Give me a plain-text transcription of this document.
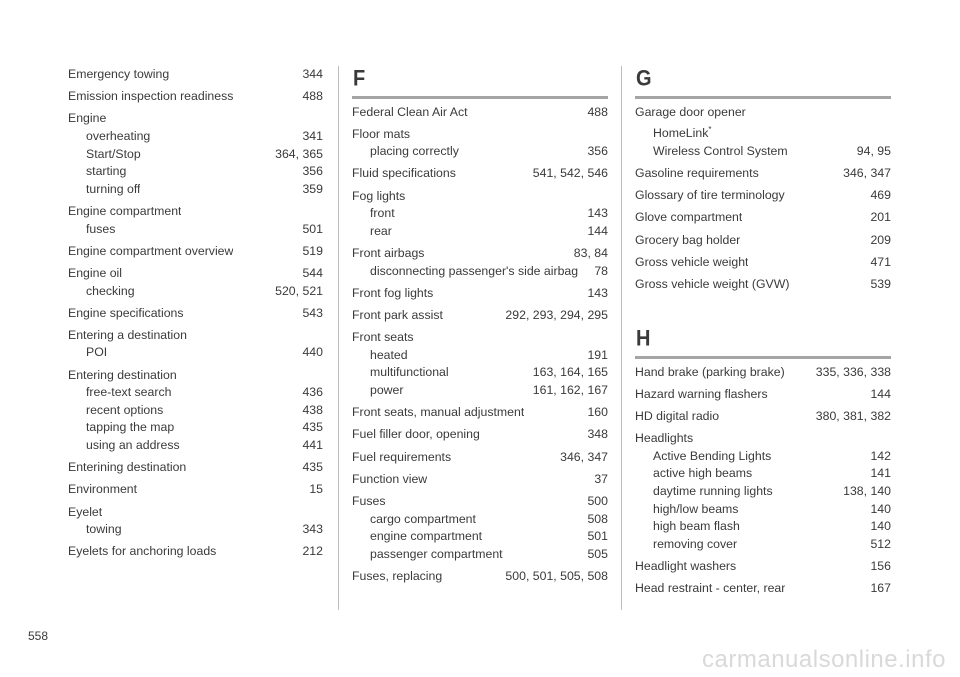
Emergency towing	344
Emission inspection readiness	488
Engine
overheating	341
Start/Stop	364, 365
starting	356
turning off	359
Engine compartment
fuses	501
Engine compartment overview	519
Engine oil	544
checking	520, 521
Engine specifications	543
Entering a destination
POI	440
Entering destination
free-text search	436
recent options	438
tapping the map	435
using an address	441
Enterining destination	435
Environment	15
Eyelet
towing	343
Eyelets for anchoring loads	212
F
Federal Clean Air Act	488
Floor mats
placing correctly	356
Fluid specifications	541, 542, 546
Fog lights
front	143
rear	144
Front airbags	83, 84
disconnecting passenger's side airbag	78
Front fog lights	143
Front park assist	292, 293, 294, 295
Front seats
heated	191
multifunctional	163, 164, 165
power	161, 162, 167
Front seats, manual adjustment	160
Fuel filler door, opening	348
Fuel requirements	346, 347
Function view	37
Fuses	500
cargo compartment	508
engine compartment	501
passenger compartment	505
Fuses, replacing	500, 501, 505, 508
G
Garage door opener
HomeLink*
Wireless Control System	94, 95
Gasoline requirements	346, 347
Glossary of tire terminology	469
Glove compartment	201
Grocery bag holder	209
Gross vehicle weight	471
Gross vehicle weight (GVW)	539
H
Hand brake (parking brake)	335, 336, 338
Hazard warning flashers	144
HD digital radio	380, 381, 382
Headlights
Active Bending Lights	142
active high beams	141
daytime running lights	138, 140
high/low beams	140
high beam flash	140
removing cover	512
Headlight washers	156
Head restraint - center, rear	167
558
carmanualsonline.info
